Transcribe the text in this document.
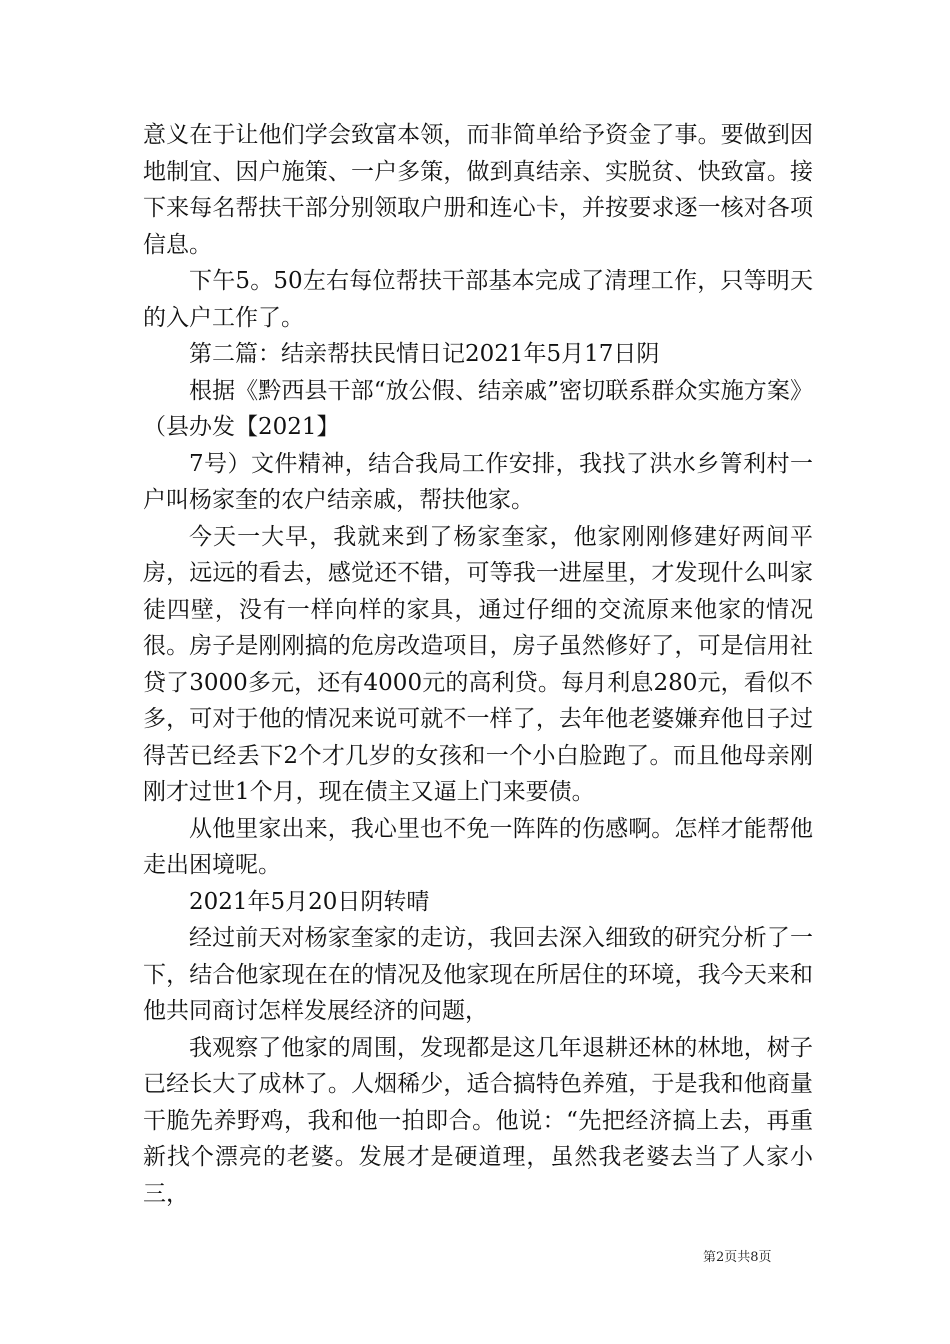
意义在于让他们学会致富本领，而非简单给予资金了事。要做到因地制宜、因户施策、一户多策，做到真结亲、实脱贫、快致富。接下来每名帮扶干部分别领取户册和连心卡，并按要求逐一核对各项信息。

下午5。50左右每位帮扶干部基本完成了清理工作，只等明天的入户工作了。

第二篇：结亲帮扶民情日记2021年5月17日阴

根据《黔西县干部“放公假、结亲戚”密切联系群众实施方案》（县办发【2021】

7号）文件精神，结合我局工作安排，我找了洪水乡箐利村一户叫杨家奎的农户结亲戚，帮扶他家。

今天一大早，我就来到了杨家奎家，他家刚刚修建好两间平房，远远的看去，感觉还不错，可等我一进屋里，才发现什么叫家徒四壁，没有一样向样的家具，通过仔细的交流原来他家的情况很。房子是刚刚搞的危房改造项目，房子虽然修好了，可是信用社贷了3000多元，还有4000元的高利贷。每月利息280元，看似不多，可对于他的情况来说可就不一样了，去年他老婆嫌弃他日子过得苦已经丢下2个才几岁的女孩和一个小白脸跑了。而且他母亲刚刚才过世1个月，现在债主又逼上门来要债。

从他里家出来，我心里也不免一阵阵的伤感啊。怎样才能帮他走出困境呢。

2021年5月20日阴转晴

经过前天对杨家奎家的走访，我回去深入细致的研究分析了一下，结合他家现在在的情况及他家现在所居住的环境，我今天来和他共同商讨怎样发展经济的问题，

我观察了他家的周围，发现都是这几年退耕还林的林地，树子已经长大了成林了。人烟稀少，适合搞特色养殖，于是我和他商量干脆先养野鸡，我和他一拍即合。他说：“先把经济搞上去，再重新找个漂亮的老婆。发展才是硬道理，虽然我老婆去当了人家小三，

第2页共8页
